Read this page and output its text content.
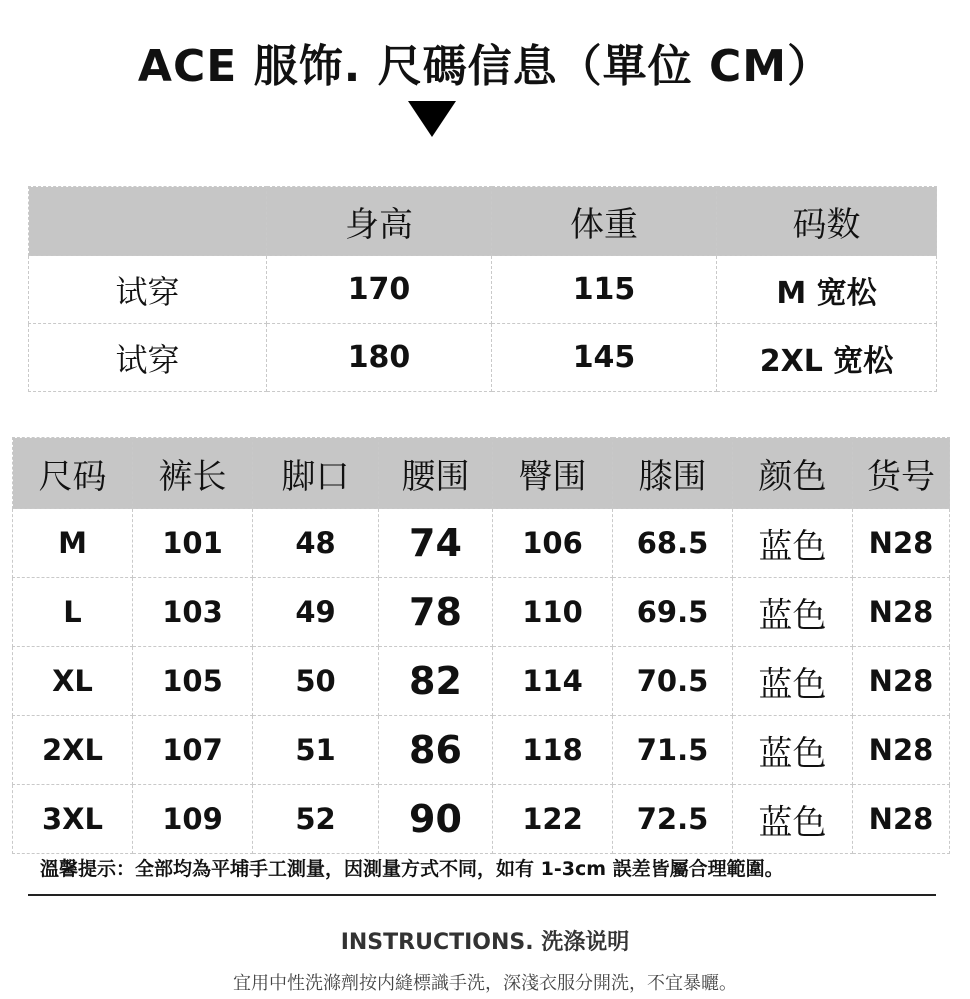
ACE 服饰. 尺碼信息（單位 CM）
	身高	体重	码数
试穿	170	115	M 宽松
试穿	180	145	2XL 宽松
尺码	裤长	脚口	腰围	臀围	膝围	颜色	货号
M	101	48	74	106	68.5	蓝色	N28
L	103	49	78	110	69.5	蓝色	N28
XL	105	50	82	114	70.5	蓝色	N28
2XL	107	51	86	118	71.5	蓝色	N28
3XL	109	52	90	122	72.5	蓝色	N28
溫馨提示：全部均為平埔手工測量，因測量方式不同，如有 1-3cm 誤差皆屬合理範圍。
INSTRUCTIONS. 洗涤说明
宜用中性洗滌劑按内縫標識手洗，深淺衣服分開洗，不宜暴曬。
